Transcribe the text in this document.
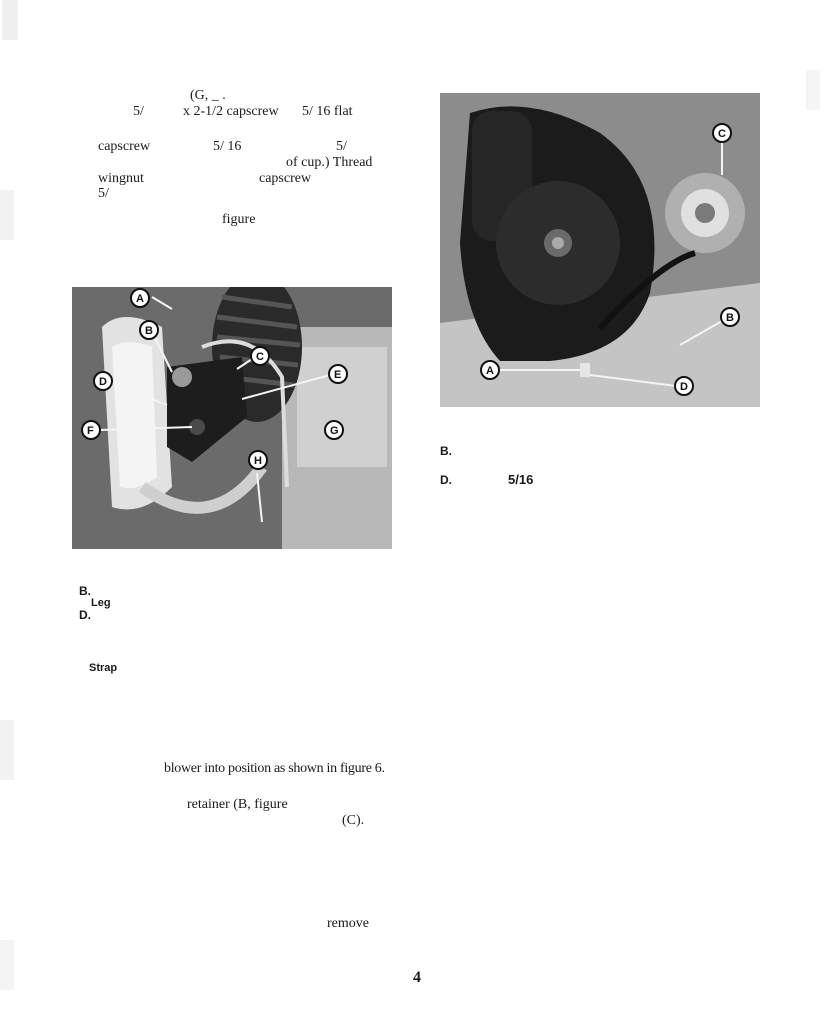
(G, _ .
5/	x 2-1/2 capscrew 5/ 16 flat
capscrew	5/ 16	5/
of cup.) Thread
wingnut	capscrew
5/
figure
A
B
C
D
E
F	G
H
C
B
A
D
B.
D.	5/16
B.
Leg
D.
Strap
blower into position as shown in figure 6.
retainer (B, figure
(C).
remove
4
